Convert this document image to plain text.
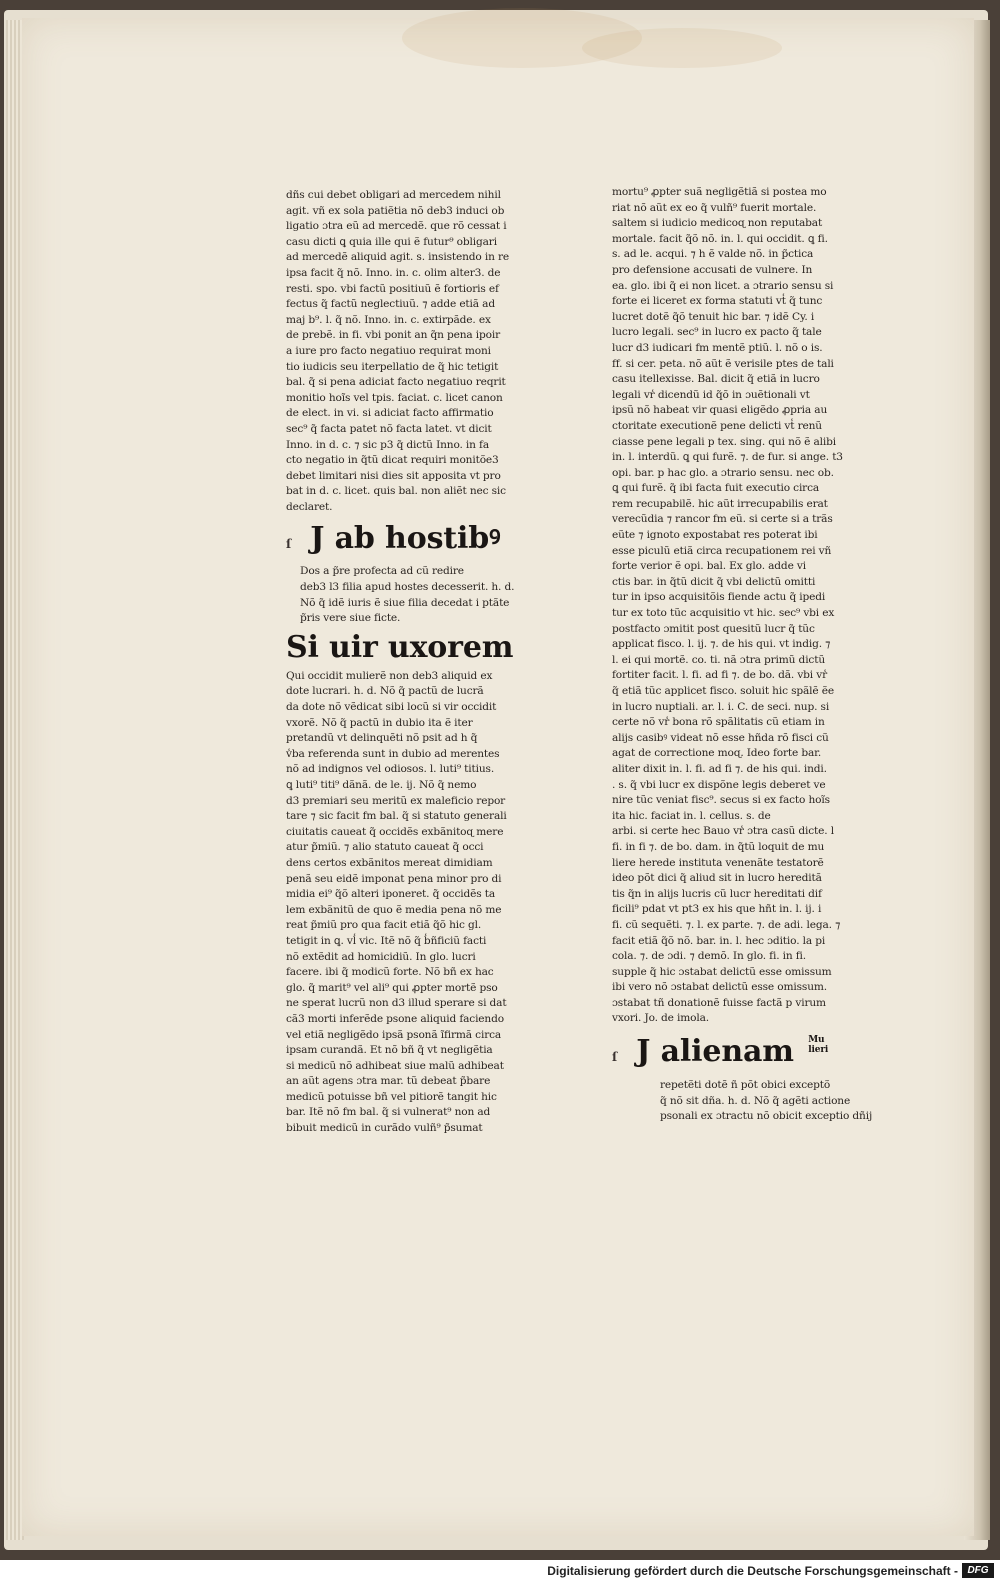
dñs cui debet obligari ad mercedem nihil
agit. vñ ex sola patiẽtia nõ deb3 induci ob
ligatio ɔtra eũ ad mercedẽ. que rõ cessat i
casu dicti ꝗ quia ille qui ẽ futur⁹ obligari
ad mercedẽ aliquid agit. s. insistendo in re
ipsa facit q̃ nõ. Inno. in. c. olim alter3. de
resti. spo. vbi factũ positiuũ ẽ fortioris ef
fectus q̃ factũ neglectiuũ. ⁊ adde etiã ad
maj b⁹. l. q̃ nõ. Inno. in. c. extirpãde. ex
de prebẽ. in fi. vbi ponit an q̃n pena ipoir
a iure pro facto negatiuo requirat moni
tio iudicis seu iterpellatio de q̃ hic tetigit
bal. q̃ si pena adiciat facto negatiuo reqrit
monitio hoĩs vel tpis. faciat. c. licet canon
de elect. in vi. si adiciat facto affirmatio
sec⁹ q̃ facta patet nõ facta latet. vt dicit
Inno. in d. c. ⁊ sic p3 q̃ dictũ Inno. in fa
cto negatio in q̃tũ dicat requiri monitõe3
debet limitari nisi dies sit apposita vt pro
bat in d. c. licet. quis bal. non aliẽt nec sic
declaret.
ſ J ab hostibꝰ
Dos a p̃re profecta ad cũ redire
deb3 l3 filia apud hostes decesserit. h. d.
Nõ q̃ idẽ iuris ẽ siue filia decedat i ptãte
p̃ris vere siue ficte.
Si uir uxorem
Qui occidit mulierẽ non deb3 aliquid ex
dote lucrari. h. d. Nõ q̃ pactũ de lucrã
da dote nõ vẽdicat sibi locũ si vir occidit
vxorẽ. Nõ q̃ pactũ in dubio ita ẽ iter
pretandũ vt delinquẽti nõ psit ad h q̃
v̾ba referenda sunt in dubio ad merentes
nõ ad indignos vel odiosos. l. luti⁹ titius.
ꝗ luti⁹ titi⁹ dãnã. de le. ij. Nõ q̃ nemo
d3 premiari seu meritũ ex maleficio repor
tare ⁊ sic facit fm bal. q̃ si statuto generali
ciuitatis caueat q̃ occidẽs exbãnitoɋ mere
atur p̃miũ. ⁊ alio statuto caueat q̃ occi
dens certos exbãnitos mereat dimidiam
penã seu eidẽ imponat pena minor pro di
midia ei⁹ q̃õ alteri iponeret. q̃ occidẽs ta
lem exbãnitũ de quo ẽ media pena nõ me
reat p̃miũ pro qua facit etiã q̃õ hic gl.
tetigit in ꝗ. vl̾ vic. Itẽ nõ q̃ b̾ñficiũ facti
nõ extẽdit ad homicidiũ. In glo. lucri
facere. ibi q̃ modicũ forte. Nõ bñ ex hac
glo. q̃ marit⁹ vel ali⁹ qui ꝓpter mortẽ pso
ne sperat lucrũ non d3 illud sperare si dat
cã3 morti inferẽde psone aliquid faciendo
vel etiã negligẽdo ipsã psonã ĩfirmã circa
ipsam curandã. Et nõ bñ q̃ vt negligẽtia
si medicũ nõ adhibeat siue malũ adhibeat
an aũt agens ɔtra mar. tũ debeat p̃bare
medicũ potuisse bñ vel pitiorẽ tangit hic
bar. Itẽ nõ fm bal. q̃ si vulnerat⁹ non ad
bibuit medicũ in curãdo vulñ⁹ p̃sumat
mortu⁹ ꝓpter suã negligẽtiã si postea mo
riat nõ aũt ex eo q̃ vulñ⁹ fuerit mortale.
saltem si iudicio medicoɋ non reputabat
mortale. facit q̃õ nõ. in. l. qui occidit. ꝗ fi.
s. ad le. acqui. ⁊ h ẽ valde nõ. in p̃ctica
pro defensione accusati de vulnere. In
ea. glo. ibi q̃ ei non licet. a ɔtrario sensu si
forte ei liceret ex forma statuti vt̾ q̃ tunc
lucret dotẽ q̃õ tenuit hic bar. ⁊ idẽ Cy. i
lucro legali. sec⁹ in lucro ex pacto q̃ tale
lucr d3 iudicari fm mentẽ ptiũ. l. nõ o is.
ff. si cer. peta. nõ aũt ẽ verisile ptes de tali
casu itellexisse. Bal. dicit q̃ etiã in lucro
legali vr̾ dicendũ id q̃õ in ɔuẽtionali vt
ipsũ nõ habeat vir quasi eligẽdo ꝓpria au
ctoritate executionẽ pene delicti vt̾ renũ
ciasse pene legali p tex. sing. qui nõ ẽ alibi
in. l. interdũ. ꝗ qui furẽ. ⁊. de fur. si ange. t3
opi. bar. p hac glo. a ɔtrario sensu. nec ob.
ꝗ qui furẽ. q̃ ibi facta fuit executio circa
rem recupabilẽ. hic aũt irrecupabilis erat
verecũdia ⁊ rancor fm eũ. si certe si a trãs
eũte ⁊ ignoto expostabat res poterat ibi
esse piculũ etiã circa recupationem rei vñ
forte verior ẽ opi. bal. Ex glo. adde vi
ctis bar. in q̃tũ dicit q̃ vbi delictũ omitti
tur in ipso acquisitõis fiende actu q̃ ipedi
tur ex toto tũc acquisitio vt hic. sec⁹ vbi ex
postfacto ɔmitit post quesitũ lucr q̃ tũc
applicat fisco. l. ij. ⁊. de his qui. vt indig. ⁊
l. ei qui mortẽ. co. ti. nã ɔtra primũ dictũ
fortiter facit. l. fi. ad fi ⁊. de bo. dã. vbi vr̾
q̃ etiã tũc applicet fisco. soluit hic spãlẽ ẽe
in lucro nuptiali. ar. l. i. C. de seci. nup. si
certe nõ vr̾ bona rõ spãlitatis cũ etiam in
alijs casibꝰ videat nõ esse hñda rõ fisci cũ
agat de correctione moɋ. Ideo forte bar.
aliter dixit in. l. fi. ad fi ⁊. de his qui. indi.
. s. q̃ vbi lucr ex dispõne legis deberet ve
nire tũc veniat fisc⁹. secus si ex facto hoĩs
ita hic. faciat in. l. cellus. s. de
arbi. si certe hec Bauo vr̾ ɔtra casũ dicte. l
fi. in fi ⁊. de bo. dam. in q̃tũ loquit de mu
liere herede instituta venenãte testatorẽ
ideo põt dici q̃ aliud sit in lucro hereditã
tis q̃n in alijs lucris cũ lucr hereditati dif
ficili⁹ pdat vt pt3 ex his que hñt in. l. ij. i
fi. cũ sequẽti. ⁊. l. ex parte. ⁊. de adi. lega. ⁊
facit etiã q̃õ nõ. bar. in. l. hec ɔditio. la pi
cola. ⁊. de ɔdi. ⁊ demõ. In glo. fi. in fi.
supple q̃ hic ɔstabat delictũ esse omissum
ibi vero nõ ɔstabat delictũ esse omissum.
ɔstabat tñ donationẽ fuisse factã p virum
vxori. Jo. de imola.
ſ J alienam Mu
lieri
repetẽti dotẽ ñ põt obici exceptõ
q̃ nõ sit dña. h. d. Nõ q̃ agẽti actione
psonali ex ɔtractu nõ obicit exceptio dñij
Digitalisierung gefördert durch die Deutsche Forschungsgemeinschaft - DFG
